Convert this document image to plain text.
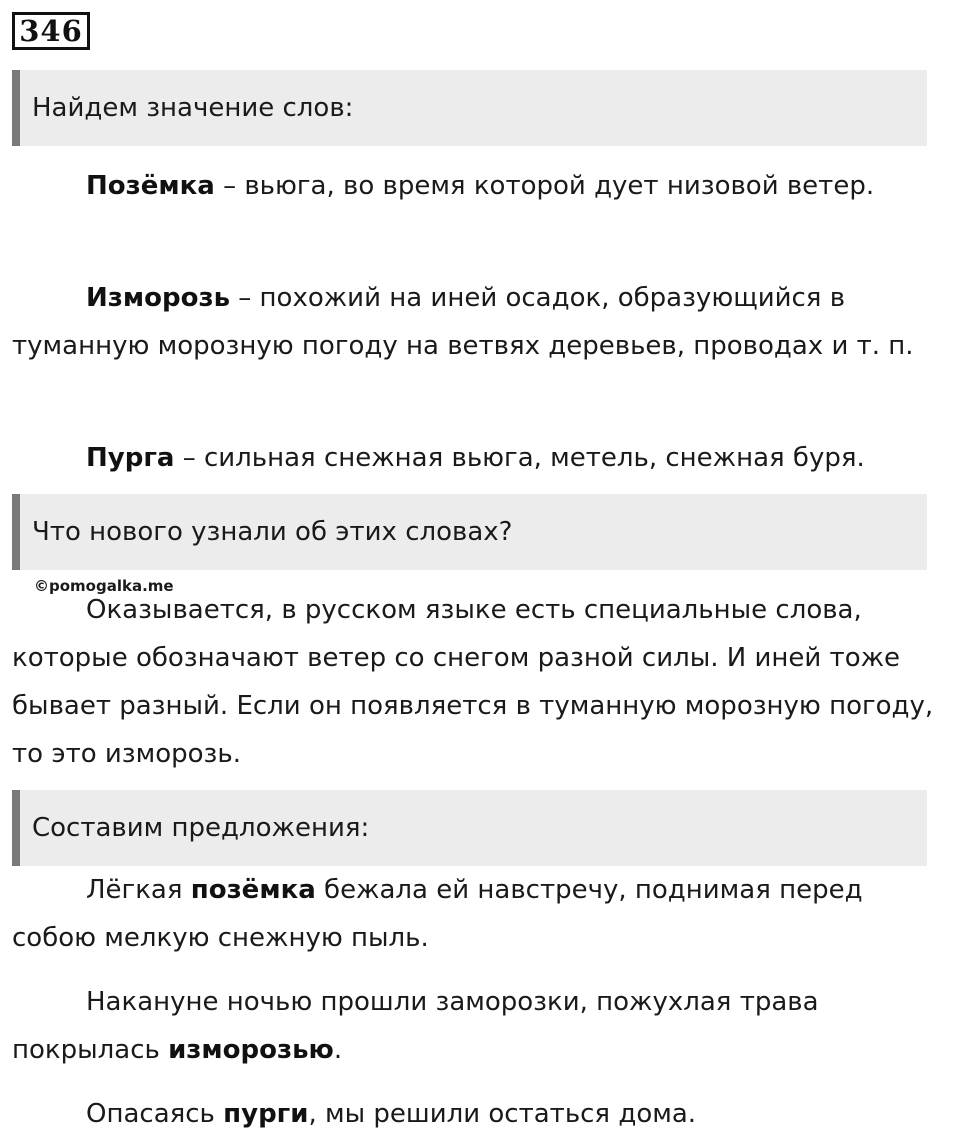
346
Найдем значение слов:

Позёмка – вьюга, во время которой дует низовой ветер.

Изморозь – похожий на иней осадок, образующийся в туманную морозную погоду на ветвях деревьев, проводах и т. п.

Пурга – сильная снежная вьюга, метель, снежная буря.

Что нового узнали об этих словах?
©pomogalka.me

Оказывается, в русском языке есть специальные слова, которые обозначают ветер со снегом разной силы. И иней тоже бывает разный. Если он появляется в туманную морозную погоду, то это изморозь.

Составим предложения:

Лёгкая позёмка бежала ей навстречу, поднимая перед собою мелкую снежную пыль.

Накануне ночью прошли заморозки, пожухлая трава покрылась изморозью.

Опасаясь пурги, мы решили остаться дома.
